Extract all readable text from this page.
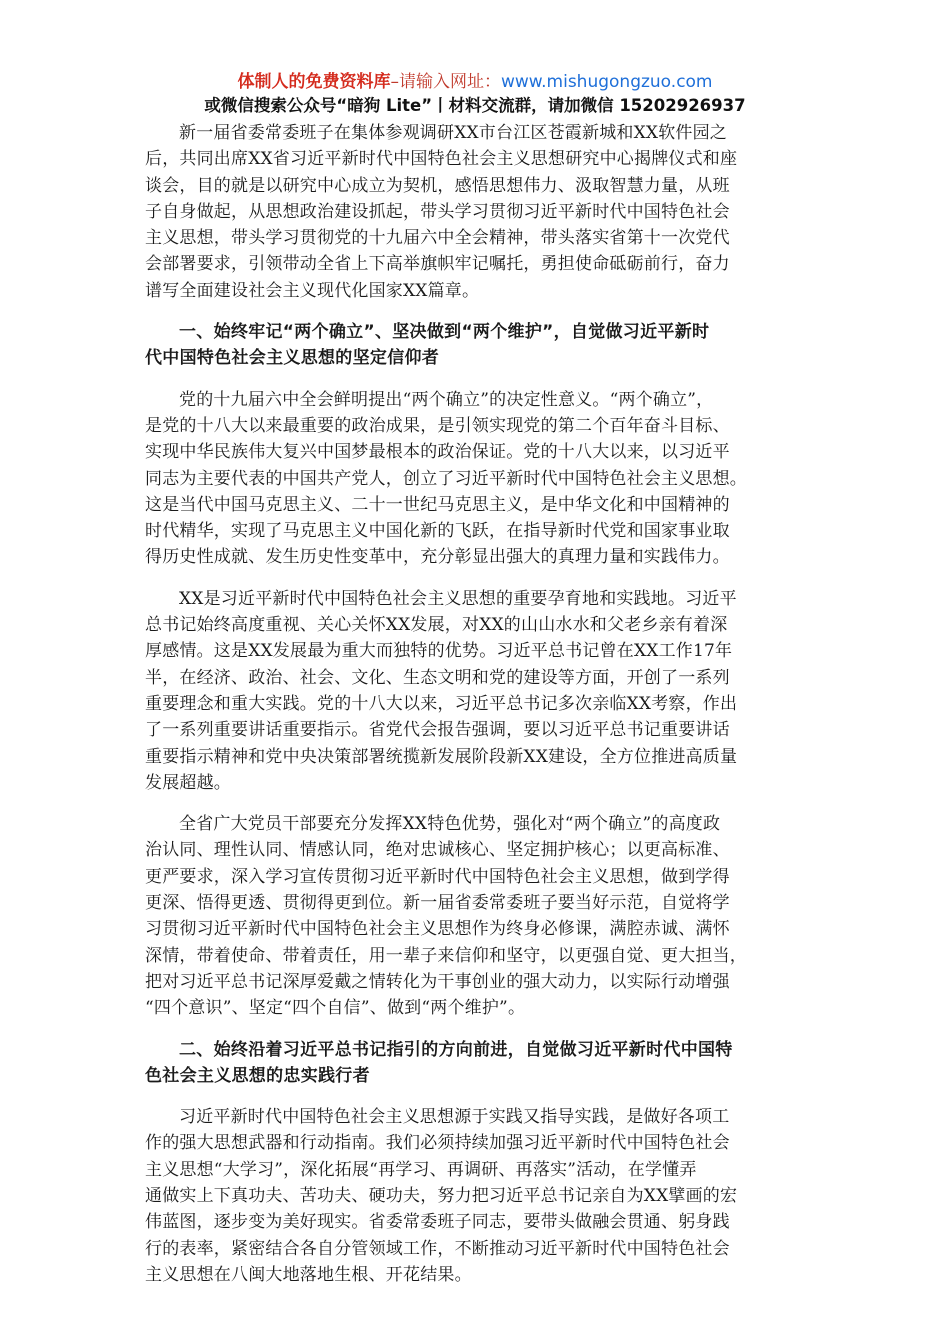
体制人的免费资料库–请输入网址：www.mishugongzuo.com
或微信搜索公众号“暗狗 Lite”丨材料交流群，请加微信 15202926937

新一届省委常委班子在集体参观调研XX市台江区苍霞新城和XX软件园之
后，共同出席XX省习近平新时代中国特色社会主义思想研究中心揭牌仪式和座
谈会，目的就是以研究中心成立为契机，感悟思想伟力、汲取智慧力量，从班
子自身做起，从思想政治建设抓起，带头学习贯彻习近平新时代中国特色社会
主义思想，带头学习贯彻党的十九届六中全会精神，带头落实省第十一次党代
会部署要求，引领带动全省上下高举旗帜牢记嘱托，勇担使命砥砺前行，奋力
谱写全面建设社会主义现代化国家XX篇章。

一、始终牢记“两个确立”、坚决做到“两个维护”，自觉做习近平新时
代中国特色社会主义思想的坚定信仰者

党的十九届六中全会鲜明提出“两个确立”的决定性意义。“两个确立”，
是党的十八大以来最重要的政治成果，是引领实现党的第二个百年奋斗目标、
实现中华民族伟大复兴中国梦最根本的政治保证。党的十八大以来，以习近平
同志为主要代表的中国共产党人，创立了习近平新时代中国特色社会主义思想。
这是当代中国马克思主义、二十一世纪马克思主义，是中华文化和中国精神的
时代精华，实现了马克思主义中国化新的飞跃，在指导新时代党和国家事业取
得历史性成就、发生历史性变革中，充分彰显出强大的真理力量和实践伟力。

XX是习近平新时代中国特色社会主义思想的重要孕育地和实践地。习近平
总书记始终高度重视、关心关怀XX发展，对XX的山山水水和父老乡亲有着深
厚感情。这是XX发展最为重大而独特的优势。习近平总书记曾在XX工作17年
半，在经济、政治、社会、文化、生态文明和党的建设等方面，开创了一系列
重要理念和重大实践。党的十八大以来，习近平总书记多次亲临XX考察，作出
了一系列重要讲话重要指示。省党代会报告强调，要以习近平总书记重要讲话
重要指示精神和党中央决策部署统揽新发展阶段新XX建设，全方位推进高质量
发展超越。

全省广大党员干部要充分发挥XX特色优势，强化对“两个确立”的高度政
治认同、理性认同、情感认同，绝对忠诚核心、坚定拥护核心；以更高标准、
更严要求，深入学习宣传贯彻习近平新时代中国特色社会主义思想，做到学得
更深、悟得更透、贯彻得更到位。新一届省委常委班子要当好示范，自觉将学
习贯彻习近平新时代中国特色社会主义思想作为终身必修课，满腔赤诚、满怀
深情，带着使命、带着责任，用一辈子来信仰和坚守，以更强自觉、更大担当，
把对习近平总书记深厚爱戴之情转化为干事创业的强大动力，以实际行动增强
“四个意识”、坚定“四个自信”、做到“两个维护”。

二、始终沿着习近平总书记指引的方向前进，自觉做习近平新时代中国特
色社会主义思想的忠实践行者

习近平新时代中国特色社会主义思想源于实践又指导实践，是做好各项工
作的强大思想武器和行动指南。我们必须持续加强习近平新时代中国特色社会
主义思想“大学习”，深化拓展“再学习、再调研、再落实”活动，在学懂弄
通做实上下真功夫、苦功夫、硬功夫，努力把习近平总书记亲自为XX擘画的宏
伟蓝图，逐步变为美好现实。省委常委班子同志，要带头做融会贯通、躬身践
行的表率，紧密结合各自分管领域工作，不断推动习近平新时代中国特色社会
主义思想在八闽大地落地生根、开花结果。
